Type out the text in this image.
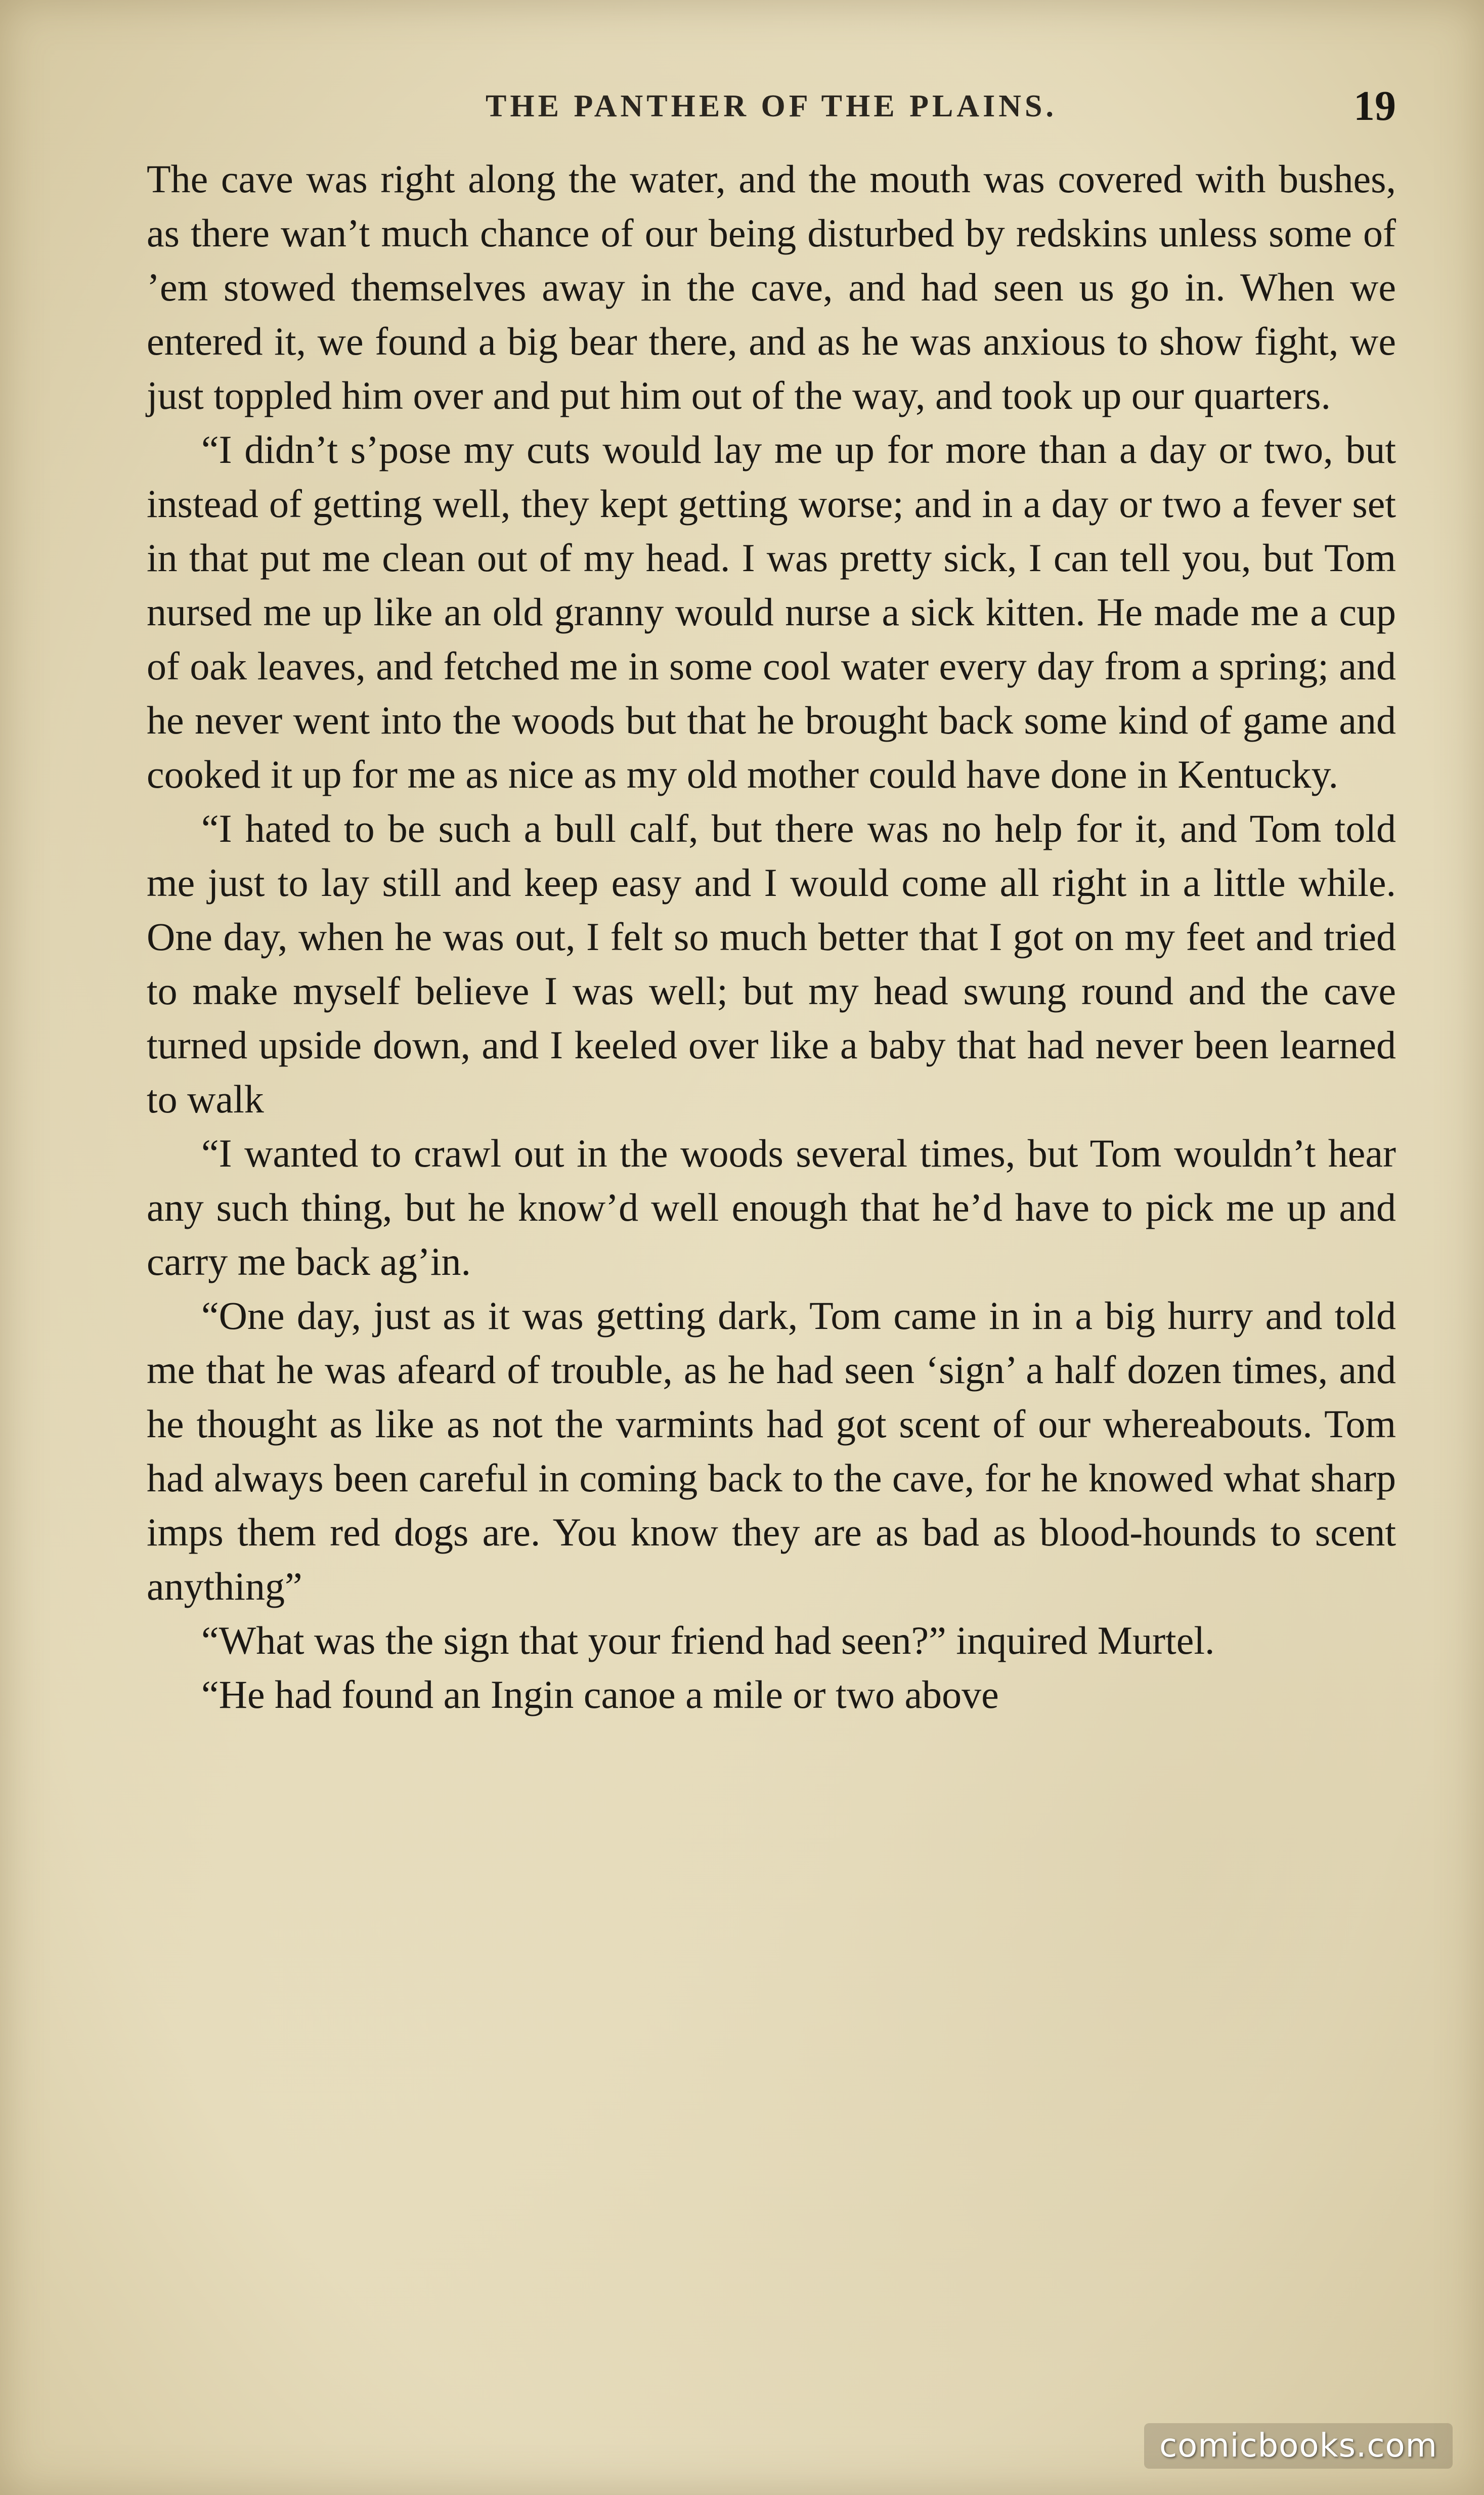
THE PANTHER OF THE PLAINS.	19

The cave was right along the water, and the mouth was covered with bushes, as there wan’t much chance of our being disturbed by redskins unless some of ’em stowed themselves away in the cave, and had seen us go in. When we entered it, we found a big bear there, and as he was anxious to show fight, we just toppled him over and put him out of the way, and took up our quarters.

“I didn’t s’pose my cuts would lay me up for more than a day or two, but instead of getting well, they kept getting worse; and in a day or two a fever set in that put me clean out of my head. I was pretty sick, I can tell you, but Tom nursed me up like an old granny would nurse a sick kitten. He made me a cup of oak leaves, and fetched me in some cool water every day from a spring; and he never went into the woods but that he brought back some kind of game and cooked it up for me as nice as my old mother could have done in Kentucky.

“I hated to be such a bull calf, but there was no help for it, and Tom told me just to lay still and keep easy and I would come all right in a little while. One day, when he was out, I felt so much better that I got on my feet and tried to make myself believe I was well; but my head swung round and the cave turned upside down, and I keeled over like a baby that had never been learned to walk

“I wanted to crawl out in the woods several times, but Tom wouldn’t hear any such thing, but he know’d well enough that he’d have to pick me up and carry me back ag’in.

“One day, just as it was getting dark, Tom came in in a big hurry and told me that he was afeard of trouble, as he had seen ‘sign’ a half dozen times, and he thought as like as not the varmints had got scent of our whereabouts. Tom had always been careful in coming back to the cave, for he knowed what sharp imps them red dogs are. You know they are as bad as blood-hounds to scent anything”

“What was the sign that your friend had seen?” inquired Murtel.

“He had found an Ingin canoe a mile or two above

comicbooks.com
